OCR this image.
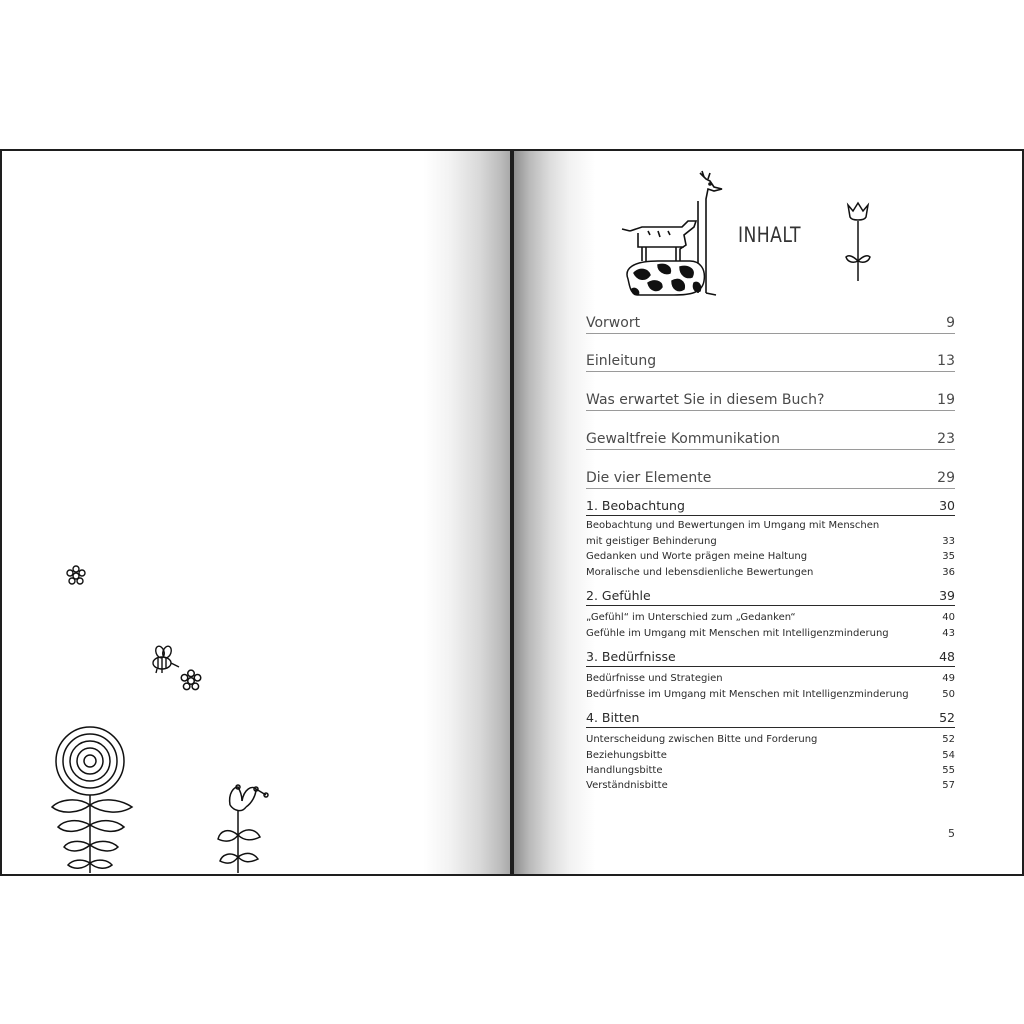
INHALT
Vorwort	9
Einleitung	13
Was erwartet Sie in diesem Buch?	19
Gewaltfreie Kommunikation	23
Die vier Elemente	29
1. Beobachtung	30
Beobachtung und Bewertungen im Umgang mit Menschen mit geistiger Behinderung	33
Gedanken und Worte prägen meine Haltung	35
Moralische und lebensdienliche Bewertungen	36
2. Gefühle	39
„Gefühl“ im Unterschied zum „Gedanken“	40
Gefühle im Umgang mit Menschen mit Intelligenzminderung	43
3. Bedürfnisse	48
Bedürfnisse und Strategien	49
Bedürfnisse im Umgang mit Menschen mit Intelligenzminderung	50
4. Bitten	52
Unterscheidung zwischen Bitte und Forderung	52
Beziehungsbitte	54
Handlungsbitte	55
Verständnisbitte	57
5
